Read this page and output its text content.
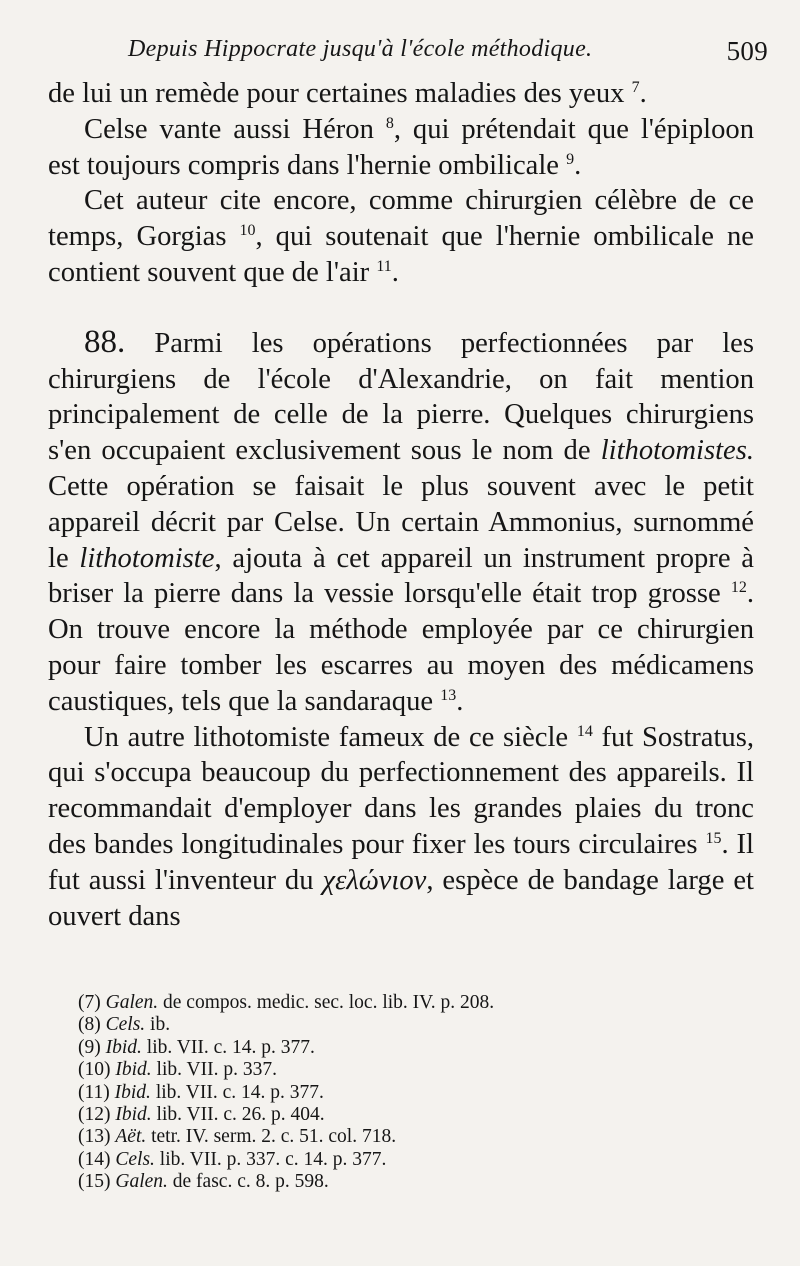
Depuis Hippocrate jusqu'à l'école méthodique.	509

de lui un remède pour certaines maladies des yeux $^7$.

Celse vante aussi Héron $^8$, qui prétendait que l'épiploon est toujours compris dans l'hernie ombilicale $^9$.

Cet auteur cite encore, comme chirurgien célèbre de ce temps, Gorgias $^{10}$, qui soutenait que l'hernie ombilicale ne contient souvent que de l'air $^{11}$.

88. Parmi les opérations perfectionnées par les chirurgiens de l'école d'Alexandrie, on fait mention principalement de celle de la pierre. Quelques chirurgiens s'en occupaient exclusivement sous le nom de lithotomistes. Cette opération se faisait le plus souvent avec le petit appareil décrit par Celse. Un certain Ammonius, surnommé le lithotomiste, ajouta à cet appareil un instrument propre à briser la pierre dans la vessie lorsqu'elle était trop grosse $^{12}$. On trouve encore la méthode employée par ce chirurgien pour faire tomber les escarres au moyen des médicamens caustiques, tels que la sandaraque $^{13}$.

Un autre lithotomiste fameux de ce siècle $^{14}$ fut Sostratus, qui s'occupa beaucoup du perfectionnement des appareils. Il recommandait d'employer dans les grandes plaies du tronc des bandes longitudinales pour fixer les tours circulaires $^{15}$. Il fut aussi l'inventeur du χελώνιον, espèce de bandage large et ouvert dans

(7) Galen. de compos. medic. sec. loc. lib. IV. p. 208.
(8) Cels. ib.
(9) Ibid. lib. VII. c. 14. p. 377.
(10) Ibid. lib. VII. p. 337.
(11) Ibid. lib. VII. c. 14. p. 377.
(12) Ibid. lib. VII. c. 26. p. 404.
(13) Aët. tetr. IV. serm. 2. c. 51. col. 718.
(14) Cels. lib. VII. p. 337. c. 14. p. 377.
(15) Galen. de fasc. c. 8. p. 598.
